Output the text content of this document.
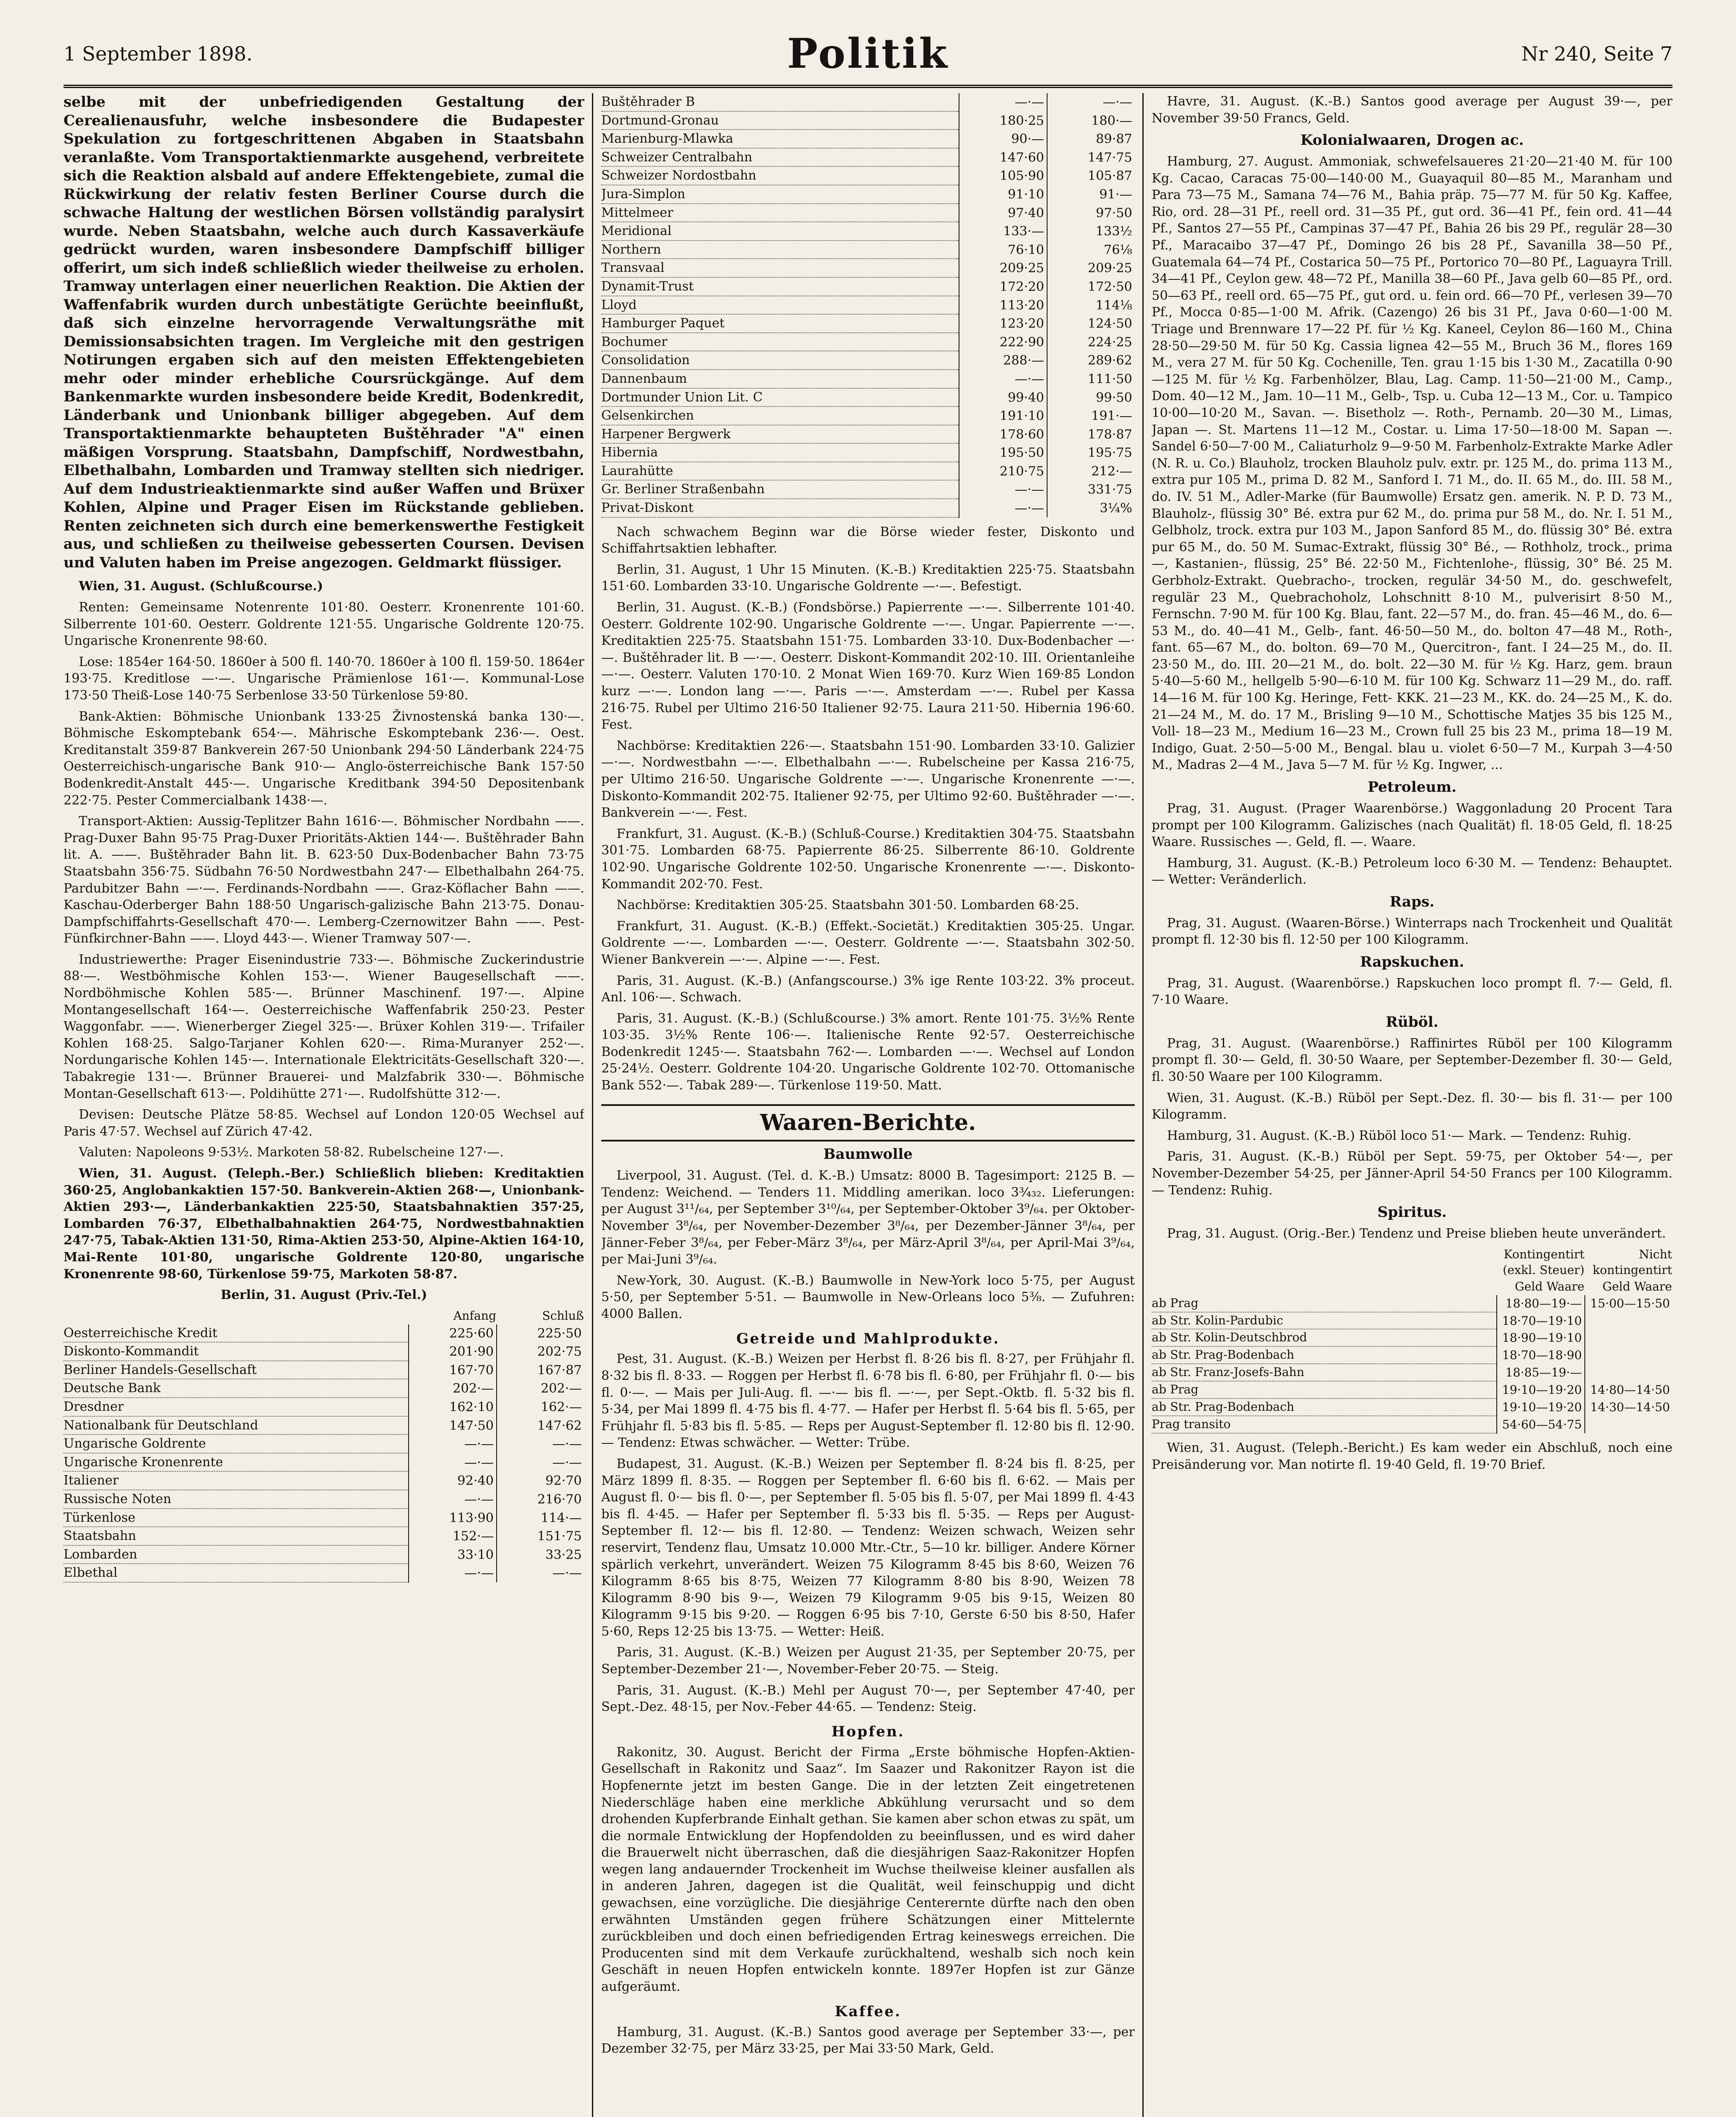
1 September 1898.	Politik	Nr 240, Seite 7
selbe mit der unbefriedigenden Gestaltung der Cerealienausfuhr, welche insbesondere die Budapester Spekulation zu fortgeschrittenen Abgaben in Staatsbahn veranlaßte. Vom Transportaktienmarkte ausgehend, verbreitete sich die Reaktion alsbald auf andere Effektengebiete, zumal die Rückwirkung der relativ festen Berliner Course durch die schwache Haltung der westlichen Börsen vollständig paralysirt wurde. Neben Staatsbahn, welche auch durch Kassaverkäufe gedrückt wurden, waren insbesondere Dampfschiff billiger offerirt, um sich indeß schließlich wieder theilweise zu erholen. Tramway unterlagen einer neuerlichen Reaktion. Die Aktien der Waffenfabrik wurden durch unbestätigte Gerüchte beeinflußt, daß sich einzelne hervorragende Verwaltungsräthe mit Demissionsabsichten tragen. Im Vergleiche mit den gestrigen Notirungen ergaben sich auf den meisten Effektengebieten mehr oder minder erhebliche Coursrückgänge. Auf dem Bankenmarkte wurden insbesondere beide Kredit, Bodenkredit, Länderbank und Unionbank billiger abgegeben. Auf dem Transportaktienmarkte behaupteten Buštěhrader "A" einen mäßigen Vorsprung. Staatsbahn, Dampfschiff, Nordwestbahn, Elbethalbahn, Lombarden und Tramway stellten sich niedriger. Auf dem Industrieaktienmarkte sind außer Waffen und Brüxer Kohlen, Alpine und Prager Eisen im Rückstande geblieben. Renten zeichneten sich durch eine bemerkenswerthe Festigkeit aus, und schließen zu theilweise gebesserten Coursen. Devisen und Valuten haben im Preise angezogen. Geldmarkt flüssiger.

Wien, 31. August. (Schlußcourse.)

Renten: Gemeinsame Notenrente 101·80. Oesterr. Kronenrente 101·60. Silberrente 101·60. Oesterr. Goldrente 121·55. Ungarische Goldrente 120·75. Ungarische Kronenrente 98·60.

Lose: 1854er 164·50. 1860er à 500 fl. 140·70. 1860er à 100 fl. 159·50. 1864er 193·75. Kreditlose —·—. Ungarische Prämienlose 161·—. Kommunal-Lose 173·50 Theiß-Lose 140·75 Serbenlose 33·50 Türkenlose 59·80.

Bank-Aktien: Böhmische Unionbank 133·25 Živnostenská banka 130·—. Böhmische Eskomptebank 654·—. Mährische Eskomptebank 236·—. Oest. Kreditanstalt 359·87 Bankverein 267·50 Unionbank 294·50 Länderbank 224·75 Oesterreichisch-ungarische Bank 910·— Anglo-österreichische Bank 157·50 Bodenkredit-Anstalt 445·—. Ungarische Kreditbank 394·50 Depositenbank 222·75. Pester Commercialbank 1438·—.

Transport-Aktien: Aussig-Teplitzer Bahn 1616·—. Böhmischer Nordbahn ——. Prag-Duxer Bahn 95·75 Prag-Duxer Prioritäts-Aktien 144·—. Buštěhrader Bahn lit. A. ——. Buštěhrader Bahn lit. B. 623·50 Dux-Bodenbacher Bahn 73·75 Staatsbahn 356·75. Südbahn 76·50 Nordwestbahn 247·— Elbethalbahn 264·75. Pardubitzer Bahn —·—. Ferdinands-Nordbahn ——. Graz-Köflacher Bahn ——. Kaschau-Oderberger Bahn 188·50 Ungarisch-galizische Bahn 213·75. Donau-Dampfschiffahrts-Gesellschaft 470·—. Lemberg-Czernowitzer Bahn ——. Pest-Fünfkirchner-Bahn ——. Lloyd 443·—. Wiener Tramway 507·—.

Industriewerthe: Prager Eisenindustrie 733·—. Böhmische Zuckerindustrie 88·—. Westböhmische Kohlen 153·—. Wiener Baugesellschaft ——. Nordböhmische Kohlen 585·—. Brünner Maschinenf. 197·—. Alpine Montangesellschaft 164·—. Oesterreichische Waffenfabrik 250·23. Pester Waggonfabr. ——. Wienerberger Ziegel 325·—. Brüxer Kohlen 319·—. Trifailer Kohlen 168·25. Salgo-Tarjaner Kohlen 620·—. Rima-Muranyer 252·—. Nordungarische Kohlen 145·—. Internationale Elektricitäts-Gesellschaft 320·—. Tabakregie 131·—. Brünner Brauerei- und Malzfabrik 330·—. Böhmische Montan-Gesellschaft 613·—. Poldihütte 271·—. Rudolfshütte 312·—.

Devisen: Deutsche Plätze 58·85. Wechsel auf London 120·05 Wechsel auf Paris 47·57. Wechsel auf Zürich 47·42.

Valuten: Napoleons 9·53½. Markoten 58·82. Rubelscheine 127·—.

Wien, 31. August. (Teleph.-Ber.) Schließlich blieben: Kreditaktien 360·25, Anglobankaktien 157·50. Bankverein-Aktien 268·—, Unionbank-Aktien 293·—, Länderbankaktien 225·50, Staatsbahnaktien 357·25, Lombarden 76·37, Elbethalbahnaktien 264·75, Nordwestbahnaktien 247·75, Tabak-Aktien 131·50, Rima-Aktien 253·50, Alpine-Aktien 164·10, Mai-Rente 101·80, ungarische Goldrente 120·80, ungarische Kronenrente 98·60, Türkenlose 59·75, Markoten 58·87.

Berlin, 31. August (Priv.-Tel.)

	Anfang	Schluß
Oesterreichische Kredit	225·60	225·50
Diskonto-Kommandit	201·90	202·75
Berliner Handels-Gesellschaft	167·70	167·87
Deutsche Bank	202·—	202·—
Dresdner	162·10	162·—
Nationalbank für Deutschland	147·50	147·62
Ungarische Goldrente	—·—	—·—
Ungarische Kronenrente	—·—	—·—
Italiener	92·40	92·70
Russische Noten	—·—	216·70
Türkenlose	113·90	114·—
Staatsbahn	152·—	151·75
Lombarden	33·10	33·25
Elbethal	—·—	—·—
Buštěhrader B	—·—	—·—
Dortmund-Gronau	180·25	180·—
Marienburg-Mlawka	90·—	89·87
Schweizer Centralbahn	147·60	147·75
Schweizer Nordostbahn	105·90	105·87
Jura-Simplon	91·10	91·—
Mittelmeer	97·40	97·50
Meridional	133·—	133½
Northern	76·10	76⅛
Transvaal	209·25	209·25
Dynamit-Trust	172·20	172·50
Lloyd	113·20	114⅛
Hamburger Paquet	123·20	124·50
Bochumer	222·90	224·25
Consolidation	288·—	289·62
Dannenbaum	—·—	111·50
Dortmunder Union Lit. C	99·40	99·50
Gelsenkirchen	191·10	191·—
Harpener Bergwerk	178·60	178·87
Hibernia	195·50	195·75
Laurahütte	210·75	212·—
Gr. Berliner Straßenbahn	—·—	331·75
Privat-Diskont	—·—	3¼%

Nach schwachem Beginn war die Börse wieder fester, Diskonto und Schiffahrtsaktien lebhafter.

Berlin, 31. August, 1 Uhr 15 Minuten. (K.-B.) Kreditaktien 225·75. Staatsbahn 151·60. Lombarden 33·10. Ungarische Goldrente —·—. Befestigt.

Berlin, 31. August. (K.-B.) (Fondsbörse.) Papierrente —·—. Silberrente 101·40. Oesterr. Goldrente 102·90. Ungarische Goldrente —·—. Ungar. Papierrente —·—. Kreditaktien 225·75. Staatsbahn 151·75. Lombarden 33·10. Dux-Bodenbacher —·—. Buštěhrader lit. B —·—. Oesterr. Diskont-Kommandit 202·10. III. Orientanleihe —·—. Oesterr. Valuten 170·10. 2 Monat Wien 169·70. Kurz Wien 169·85 London kurz —·—. London lang —·—. Paris —·—. Amsterdam —·—. Rubel per Kassa 216·75. Rubel per Ultimo 216·50 Italiener 92·75. Laura 211·50. Hibernia 196·60. Fest.

Nachbörse: Kreditaktien 226·—. Staatsbahn 151·90. Lombarden 33·10. Galizier —·—. Nordwestbahn —·—. Elbethalbahn —·—. Rubelscheine per Kassa 216·75, per Ultimo 216·50. Ungarische Goldrente —·—. Ungarische Kronenrente —·—. Diskonto-Kommandit 202·75. Italiener 92·75, per Ultimo 92·60. Buštěhrader —·—. Bankverein —·—. Fest.

Frankfurt, 31. August. (K.-B.) (Schluß-Course.) Kreditaktien 304·75. Staatsbahn 301·75. Lombarden 68·75. Papierrente 86·25. Silberrente 86·10. Goldrente 102·90. Ungarische Goldrente 102·50. Ungarische Kronenrente —·—. Diskonto-Kommandit 202·70. Fest.

Nachbörse: Kreditaktien 305·25. Staatsbahn 301·50. Lombarden 68·25.

Frankfurt, 31. August. (K.-B.) (Effekt.-Societät.) Kreditaktien 305·25. Ungar. Goldrente —·—. Lombarden —·—. Oesterr. Goldrente —·—. Staatsbahn 302·50. Wiener Bankverein —·—. Alpine —·—. Fest.

Paris, 31. August. (K.-B.) (Anfangscourse.) 3% ige Rente 103·22. 3% proceut. Anl. 106·—. Schwach.

Paris, 31. August. (K.-B.) (Schlußcourse.) 3% amort. Rente 101·75. 3½% Rente 103·35. 3½% Rente 106·—. Italienische Rente 92·57. Oesterreichische Bodenkredit 1245·—. Staatsbahn 762·—. Lombarden —·—. Wechsel auf London 25·24½. Oesterr. Goldrente 104·20. Ungarische Goldrente 102·70. Ottomanische Bank 552·—. Tabak 289·—. Türkenlose 119·50. Matt.

Waaren-Berichte.
Baumwolle

Liverpool, 31. August. (Tel. d. K.-B.) Umsatz: 8000 B. Tagesimport: 2125 B. — Tendenz: Weichend. — Tenders 11. Middling amerikan. loco 3¾₃₂. Lieferungen: per August 3¹¹/₆₄, per September 3¹⁰/₆₄, per September-Oktober 3⁹/₆₄. per Oktober-November 3⁸/₆₄, per November-Dezember 3⁸/₆₄, per Dezember-Jänner 3⁸/₆₄, per Jänner-Feber 3⁸/₆₄, per Feber-März 3⁸/₆₄, per März-April 3⁸/₆₄, per April-Mai 3⁹/₆₄, per Mai-Juni 3⁹/₆₄.

New-York, 30. August. (K.-B.) Baumwolle in New-York loco 5·75, per August 5·50, per September 5·51. — Baumwolle in New-Orleans loco 5⅜. — Zufuhren: 4000 Ballen.

Getreide und Mahlprodukte.

Pest, 31. August. (K.-B.) Weizen per Herbst fl. 8·26 bis fl. 8·27, per Frühjahr fl. 8·32 bis fl. 8·33. — Roggen per Herbst fl. 6·78 bis fl. 6·80, per Frühjahr fl. 0·— bis fl. 0·—. — Mais per Juli-Aug. fl. —·— bis fl. —·—, per Sept.-Oktb. fl. 5·32 bis fl. 5·34, per Mai 1899 fl. 4·75 bis fl. 4·77. — Hafer per Herbst fl. 5·64 bis fl. 5·65, per Frühjahr fl. 5·83 bis fl. 5·85. — Reps per August-September fl. 12·80 bis fl. 12·90. — Tendenz: Etwas schwächer. — Wetter: Trübe.

Budapest, 31. August. (K.-B.) Weizen per September fl. 8·24 bis fl. 8·25, per März 1899 fl. 8·35. — Roggen per September fl. 6·60 bis fl. 6·62. — Mais per August fl. 0·— bis fl. 0·—, per September fl. 5·05 bis fl. 5·07, per Mai 1899 fl. 4·43 bis fl. 4·45. — Hafer per September fl. 5·33 bis fl. 5·35. — Reps per August-September fl. 12·— bis fl. 12·80. — Tendenz: Weizen schwach, Weizen sehr reservirt, Tendenz flau, Umsatz 10.000 Mtr.-Ctr., 5—10 kr. billiger. Andere Körner spärlich verkehrt, unverändert. Weizen 75 Kilogramm 8·45 bis 8·60, Weizen 76 Kilogramm 8·65 bis 8·75, Weizen 77 Kilogramm 8·80 bis 8·90, Weizen 78 Kilogramm 8·90 bis 9·—, Weizen 79 Kilogramm 9·05 bis 9·15, Weizen 80 Kilogramm 9·15 bis 9·20. — Roggen 6·95 bis 7·10, Gerste 6·50 bis 8·50, Hafer 5·60, Reps 12·25 bis 13·75. — Wetter: Heiß.

Paris, 31. August. (K.-B.) Weizen per August 21·35, per September 20·75, per September-Dezember 21·—, November-Feber 20·75. — Steig.

Paris, 31. August. (K.-B.) Mehl per August 70·—, per September 47·40, per Sept.-Dez. 48·15, per Nov.-Feber 44·65. — Tendenz: Steig.

Hopfen.

Rakonitz, 30. August. Bericht der Firma „Erste böhmische Hopfen-Aktien-Gesellschaft in Rakonitz und Saaz“. Im Saazer und Rakonitzer Rayon ist die Hopfenernte jetzt im besten Gange. Die in der letzten Zeit eingetretenen Niederschläge haben eine merkliche Abkühlung verursacht und so dem drohenden Kupferbrande Einhalt gethan. Sie kamen aber schon etwas zu spät, um die normale Entwicklung der Hopfendolden zu beeinflussen, und es wird daher die Brauerwelt nicht überraschen, daß die diesjährigen Saaz-Rakonitzer Hopfen wegen lang andauernder Trockenheit im Wuchse theilweise kleiner ausfallen als in anderen Jahren, dagegen ist die Qualität, weil feinschuppig und dicht gewachsen, eine vorzügliche. Die diesjährige Centerernte dürfte nach den oben erwähnten Umständen gegen frühere Schätzungen einer Mittelernte zurückbleiben und doch einen befriedigenden Ertrag keineswegs erreichen. Die Producenten sind mit dem Verkaufe zurückhaltend, weshalb sich noch kein Geschäft in neuen Hopfen entwickeln konnte. 1897er Hopfen ist zur Gänze aufgeräumt.

Kaffee.

Hamburg, 31. August. (K.-B.) Santos good average per September 33·—, per Dezember 32·75, per März 33·25, per Mai 33·50 Mark, Geld.

Havre, 31. August. (K.-B.) Santos good average per August 39·—, per November 39·50 Francs, Geld.

Kolonialwaaren, Drogen ac.

Hamburg, 27. August. Ammoniak, schwefelsaueres 21·20—21·40 M. für 100 Kg. Cacao, Caracas 75·00—140·00 M., Guayaquil 80—85 M., Maranham und Para 73—75 M., Samana 74—76 M., Bahia präp. 75—77 M. für 50 Kg. Kaffee, Rio, ord. 28—31 Pf., reell ord. 31—35 Pf., gut ord. 36—41 Pf., fein ord. 41—44 Pf., Santos 27—55 Pf., Campinas 37—47 Pf., Bahia 26 bis 29 Pf., regulär 28—30 Pf., Maracaibo 37—47 Pf., Domingo 26 bis 28 Pf., Savanilla 38—50 Pf., Guatemala 64—74 Pf., Costarica 50—75 Pf., Portorico 70—80 Pf., Laguayra Trill. 34—41 Pf., Ceylon gew. 48—72 Pf., Manilla 38—60 Pf., Java gelb 60—85 Pf., ord. 50—63 Pf., reell ord. 65—75 Pf., gut ord. u. fein ord. 66—70 Pf., verlesen 39—70 Pf., Mocca 0·85—1·00 M. Afrik. (Cazengo) 26 bis 31 Pf., Java 0·60—1·00 M. Triage und Brennware 17—22 Pf. für ½ Kg. Kaneel, Ceylon 86—160 M., China 28·50—29·50 M. für 50 Kg. Cassia lignea 42—55 M., Bruch 36 M., flores 169 M., vera 27 M. für 50 Kg. Cochenille, Ten. grau 1·15 bis 1·30 M., Zacatilla 0·90—125 M. für ½ Kg. Farbenhölzer, Blau, Lag. Camp. 11·50—21·00 M., Camp., Dom. 40—12 M., Jam. 10—11 M., Gelb-, Tsp. u. Cuba 12—13 M., Cor. u. Tampico 10·00—10·20 M., Savan. —. Bisetholz —. Roth-, Pernamb. 20—30 M., Limas, Japan —. St. Martens 11—12 M., Costar. u. Lima 17·50—18·00 M. Sapan —. Sandel 6·50—7·00 M., Caliaturholz 9—9·50 M. Farbenholz-Extrakte Marke Adler (N. R. u. Co.) Blauholz, trocken Blauholz pulv. extr. pr. 125 M., do. prima 113 M., extra pur 105 M., prima D. 82 M., Sanford I. 71 M., do. II. 65 M., do. III. 58 M., do. IV. 51 M., Adler-Marke (für Baumwolle) Ersatz gen. amerik. N. P. D. 73 M., Blauholz-, flüssig 30° Bé. extra pur 62 M., do. prima pur 58 M., do. Nr. I. 51 M., Gelbholz, trock. extra pur 103 M., Japon Sanford 85 M., do. flüssig 30° Bé. extra pur 65 M., do. 50 M. Sumac-Extrakt, flüssig 30° Bé., — Rothholz, trock., prima —, Kastanien-, flüssig, 25° Bé. 22·50 M., Fichtenlohe-, flüssig, 30° Bé. 25 M. Gerbholz-Extrakt. Quebracho-, trocken, regulär 34·50 M., do. geschwefelt, regulär 23 M., Quebrachoholz, Lohschnitt 8·10 M., pulverisirt 8·50 M., Fernschn. 7·90 M. für 100 Kg. Blau, fant. 22—57 M., do. fran. 45—46 M., do. 6—53 M., do. 40—41 M., Gelb-, fant. 46·50—50 M., do. bolton 47—48 M., Roth-, fant. 65—67 M., do. bolton. 69—70 M., Quercitron-, fant. I 24—25 M., do. II. 23·50 M., do. III. 20—21 M., do. bolt. 22—30 M. für ½ Kg. Harz, gem. braun 5·40—5·60 M., hellgelb 5·90—6·10 M. für 100 Kg. Schwarz 11—29 M., do. raff. 14—16 M. für 100 Kg. Heringe, Fett- KKK. 21—23 M., KK. do. 24—25 M., K. do. 21—24 M., M. do. 17 M., Brisling 9—10 M., Schottische Matjes 35 bis 125 M., Voll- 18—23 M., Medium 16—23 M., Crown full 25 bis 23 M., prima 18—19 M. Indigo, Guat. 2·50—5·00 M., Bengal. blau u. violet 6·50—7 M., Kurpah 3—4·50 M., Madras 2—4 M., Java 5—7 M. für ½ Kg. Ingwer, ...

Petroleum.

Prag, 31. August. (Prager Waarenbörse.) Waggonladung 20 Procent Tara prompt per 100 Kilogramm. Galizisches (nach Qualität) fl. 18·05 Geld, fl. 18·25 Waare. Russisches —. Geld, fl. —. Waare.

Hamburg, 31. August. (K.-B.) Petroleum loco 6·30 M. — Tendenz: Behauptet. — Wetter: Veränderlich.

Raps.

Prag, 31. August. (Waaren-Börse.) Winterraps nach Trockenheit und Qualität prompt fl. 12·30 bis fl. 12·50 per 100 Kilogramm.

Rapskuchen.

Prag, 31. August. (Waarenbörse.) Rapskuchen loco prompt fl. 7·— Geld, fl. 7·10 Waare.

Rüböl.

Prag, 31. August. (Waarenbörse.) Raffinirtes Rüböl per 100 Kilogramm prompt fl. 30·— Geld, fl. 30·50 Waare, per September-Dezember fl. 30·— Geld, fl. 30·50 Waare per 100 Kilogramm.

Wien, 31. August. (K.-B.) Rüböl per Sept.-Dez. fl. 30·— bis fl. 31·— per 100 Kilogramm.

Hamburg, 31. August. (K.-B.) Rüböl loco 51·— Mark. — Tendenz: Ruhig.

Paris, 31. August. (K.-B.) Rüböl per Sept. 59·75, per Oktober 54·—, per November-Dezember 54·25, per Jänner-April 54·50 Francs per 100 Kilogramm. — Tendenz: Ruhig.

Spiritus.

Prag, 31. August. (Orig.-Ber.) Tendenz und Preise blieben heute unverändert.

	Kontingentirt (exkl. Steuer)	Nicht kontingentirt
	Geld Waare	Geld Waare
ab Prag	18·80—19·—	15·00—15·50
ab Str. Kolin-Pardubic	18·70—19·10	
ab Str. Kolin-Deutschbrod	18·90—19·10	
ab Str. Prag-Bodenbach	18·70—18·90	
ab Str. Franz-Josefs-Bahn	18·85—19·—	
ab Prag	19·10—19·20	14·80—14·50
ab Str. Prag-Bodenbach	19·10—19·20	14·30—14·50
Prag transito	54·60—54·75	

Wien, 31. August. (Teleph.-Bericht.) Es kam weder ein Abschluß, noch eine Preisänderung vor. Man notirte fl. 19·40 Geld, fl. 19·70 Brief.
